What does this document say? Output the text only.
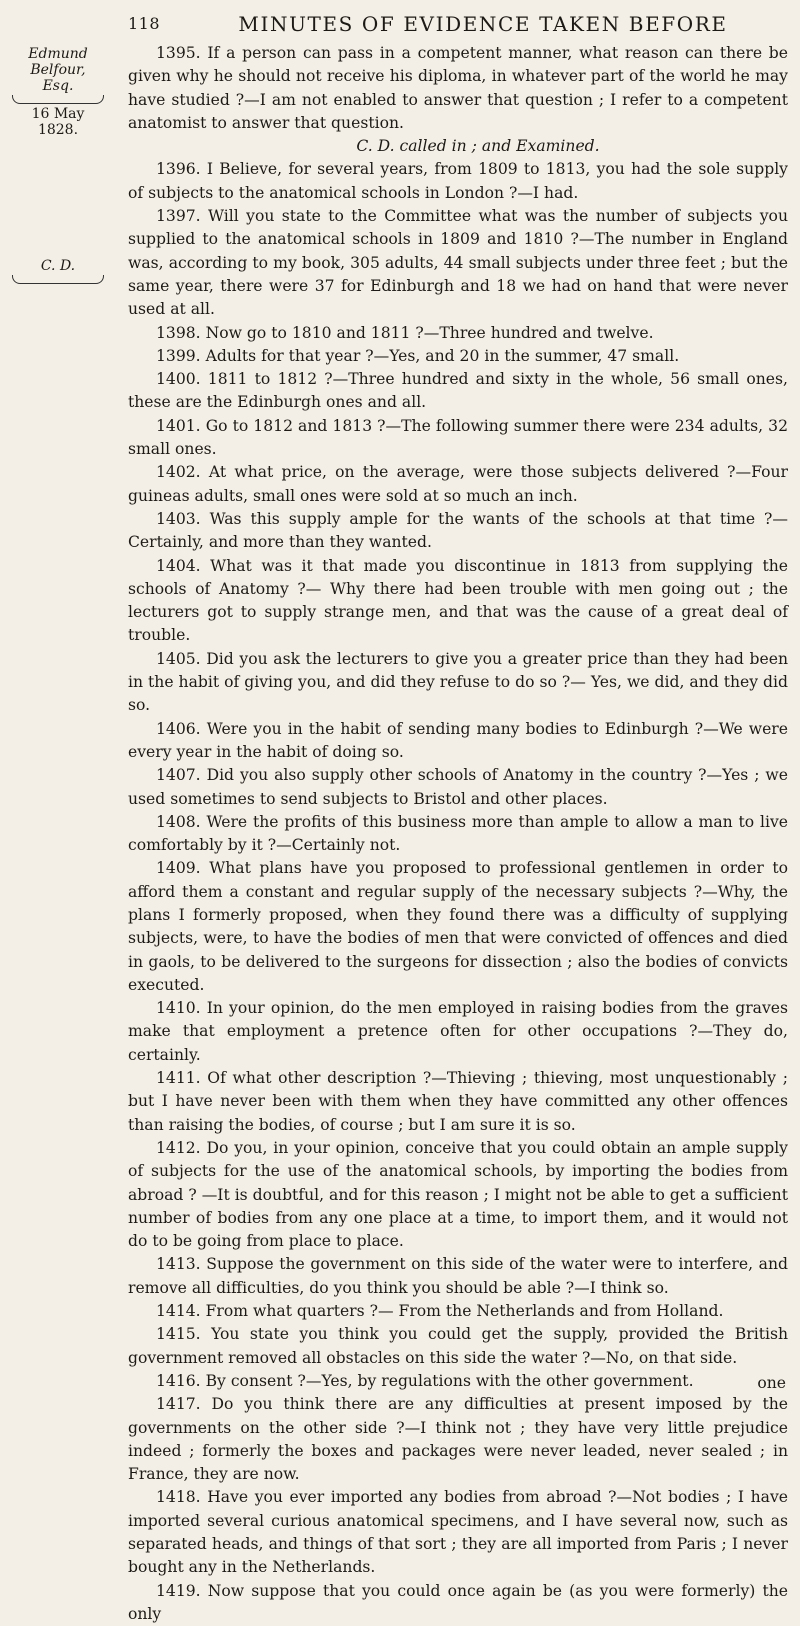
118	MINUTES OF EVIDENCE TAKEN BEFORE
Edmund Belfour,
Esq.
16 May
1828.
C. D.

1395. If a person can pass in a competent manner, what reason can there be given why he should not receive his diploma, in whatever part of the world he may have studied ?—I am not enabled to answer that question ; I refer to a competent anatomist to answer that question.

C. D. called in ; and Examined.

1396. I Believe, for several years, from 1809 to 1813, you had the sole supply of subjects to the anatomical schools in London ?—I had.

1397. Will you state to the Committee what was the number of subjects you supplied to the anatomical schools in 1809 and 1810 ?—The number in England was, according to my book, 305 adults, 44 small subjects under three feet ; but the same year, there were 37 for Edinburgh and 18 we had on hand that were never used at all.

1398. Now go to 1810 and 1811 ?—Three hundred and twelve.

1399. Adults for that year ?—Yes, and 20 in the summer, 47 small.

1400. 1811 to 1812 ?—Three hundred and sixty in the whole, 56 small ones, these are the Edinburgh ones and all.

1401. Go to 1812 and 1813 ?—The following summer there were 234 adults, 32 small ones.

1402. At what price, on the average, were those subjects delivered ?—Four guineas adults, small ones were sold at so much an inch.

1403. Was this supply ample for the wants of the schools at that time ?—Certainly, and more than they wanted.

1404. What was it that made you discontinue in 1813 from supplying the schools of Anatomy ?— Why there had been trouble with men going out ; the lecturers got to supply strange men, and that was the cause of a great deal of trouble.

1405. Did you ask the lecturers to give you a greater price than they had been in the habit of giving you, and did they refuse to do so ?— Yes, we did, and they did so.

1406. Were you in the habit of sending many bodies to Edinburgh ?—We were every year in the habit of doing so.

1407. Did you also supply other schools of Anatomy in the country ?—Yes ; we used sometimes to send subjects to Bristol and other places.

1408. Were the profits of this business more than ample to allow a man to live comfortably by it ?—Certainly not.

1409. What plans have you proposed to professional gentlemen in order to afford them a constant and regular supply of the necessary subjects ?—Why, the plans I formerly proposed, when they found there was a difficulty of supplying subjects, were, to have the bodies of men that were convicted of offences and died in gaols, to be delivered to the surgeons for dissection ; also the bodies of convicts executed.

1410. In your opinion, do the men employed in raising bodies from the graves make that employment a pretence often for other occupations ?—They do, certainly.

1411. Of what other description ?—Thieving ; thieving, most unquestionably ; but I have never been with them when they have committed any other offences than raising the bodies, of course ; but I am sure it is so.

1412. Do you, in your opinion, conceive that you could obtain an ample supply of subjects for the use of the anatomical schools, by importing the bodies from abroad ? —It is doubtful, and for this reason ; I might not be able to get a sufficient number of bodies from any one place at a time, to import them, and it would not do to be going from place to place.

1413. Suppose the government on this side of the water were to interfere, and remove all difficulties, do you think you should be able ?—I think so.

1414. From what quarters ?— From the Netherlands and from Holland.

1415. You state you think you could get the supply, provided the British government removed all obstacles on this side the water ?—No, on that side.

1416. By consent ?—Yes, by regulations with the other government.

1417. Do you think there are any difficulties at present imposed by the governments on the other side ?—I think not ; they have very little prejudice indeed ; formerly the boxes and packages were never leaded, never sealed ; in France, they are now.

1418. Have you ever imported any bodies from abroad ?—Not bodies ; I have imported several curious anatomical specimens, and I have several now, such as separated heads, and things of that sort ; they are all imported from Paris ; I never bought any in the Netherlands.

1419. Now suppose that you could once again be (as you were formerly) the only

one
